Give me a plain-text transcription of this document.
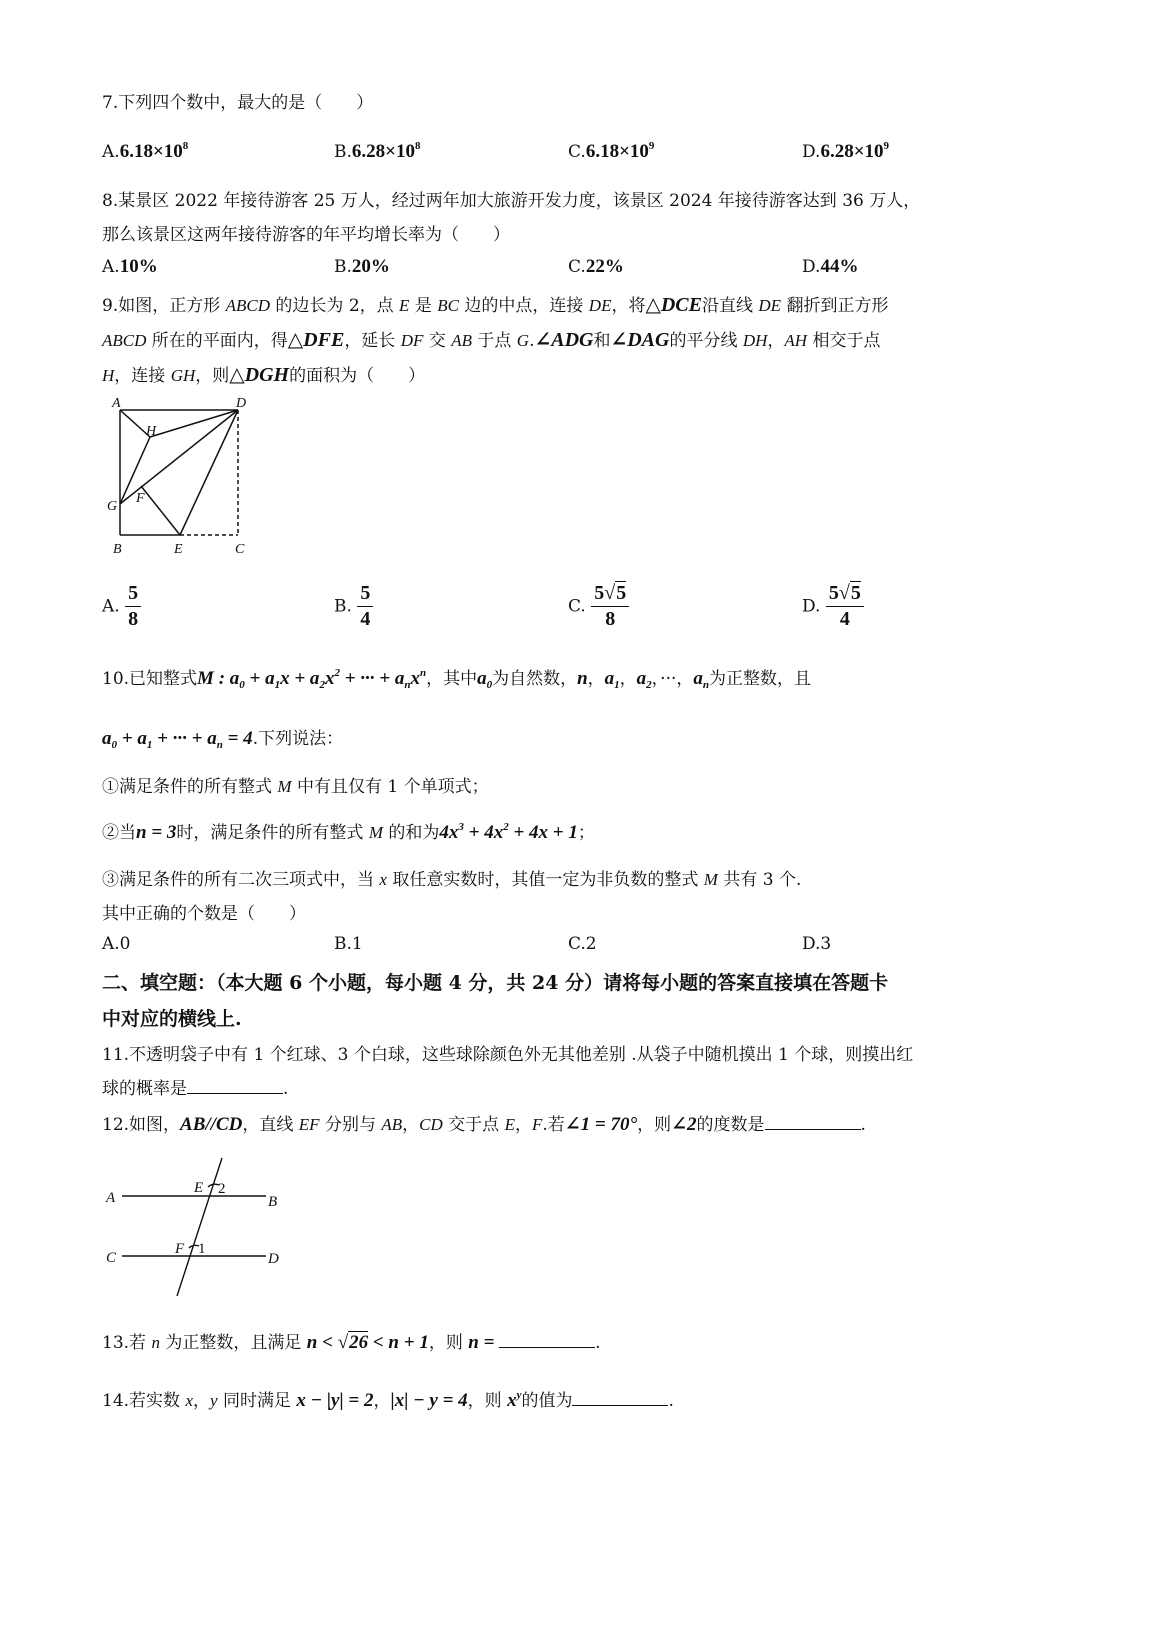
7.下列四个数中，最大的是（　　）
$A.6.18\times 10^8$	$B.6.28\times 10^8$	$C.6.18\times 10^9$	$D.6.28\times 10^9$
8.某景区 2022 年接待游客 25 万人，经过两年加大旅游开发力度，该景区 2024 年接待游客达到 36 万人，
那么该景区这两年接待游客的年平均增长率为（　　）
A.10%	B.20%	C.22%	D.44%
9.如图，正方形 ABCD 的边长为 2，点 E 是 BC 边的中点，连接 DE，将△DCE沿直线 DE 翻折到正方形
ABCD 所在的平面内，得△DFE，延长 DF 交 AB 于点 G.∠ADG和∠DAG的平分线 DH，AH 相交于点
H，连接 GH，则△DGH的面积为（　　）
A	D
H
G
F
B	E	C
A. $\frac{5}{8}$	B. $\frac{5}{4}$	C. $\frac{5√5}{8}$	D. $\frac{5√5}{4}$
10.已知整式M : $a_0 + a_1x + a_2x^2$ + ··· + $a_nx^n$，其中$a_0$为自然数，n，$a_1$，$a_2$，···，$a_n$为正整数，且
$a_0 + a_1$ + ··· + $a_n = 4$.下列说法：
①满足条件的所有整式 M 中有且仅有 1 个单项式；
②当n = 3时，满足条件的所有整式 M 的和为$4x^3 + 4x^2 + 4x + 1$；
③满足条件的所有二次三项式中，当 x 取任意实数时，其值一定为非负数的整式 M 共有 3 个.
其中正确的个数是（　　）
A.0	B.1	C.2	D.3
二、填空题：（本大题 6 个小题，每小题 4 分，共 24 分）请将每小题的答案直接填在答题卡
中对应的横线上.
11.不透明袋子中有 1 个红球、3 个白球，这些球除颜色外无其他差别 .从袋子中随机摸出 1 个球，则摸出红
球的概率是	.
12.如图，AB//CD，直线 EF 分别与 AB，CD 交于点 E，F.若∠1 = 70°，则∠2的度数是	.
A	B
C	D
E
F
2
1
13.若 n 为正整数，且满足 n < √26 < n + 1，则 n =	.
14.若实数 x，y 同时满足 x − |y| = 2，|x| − y = 4，则 $x^y$的值为	.
